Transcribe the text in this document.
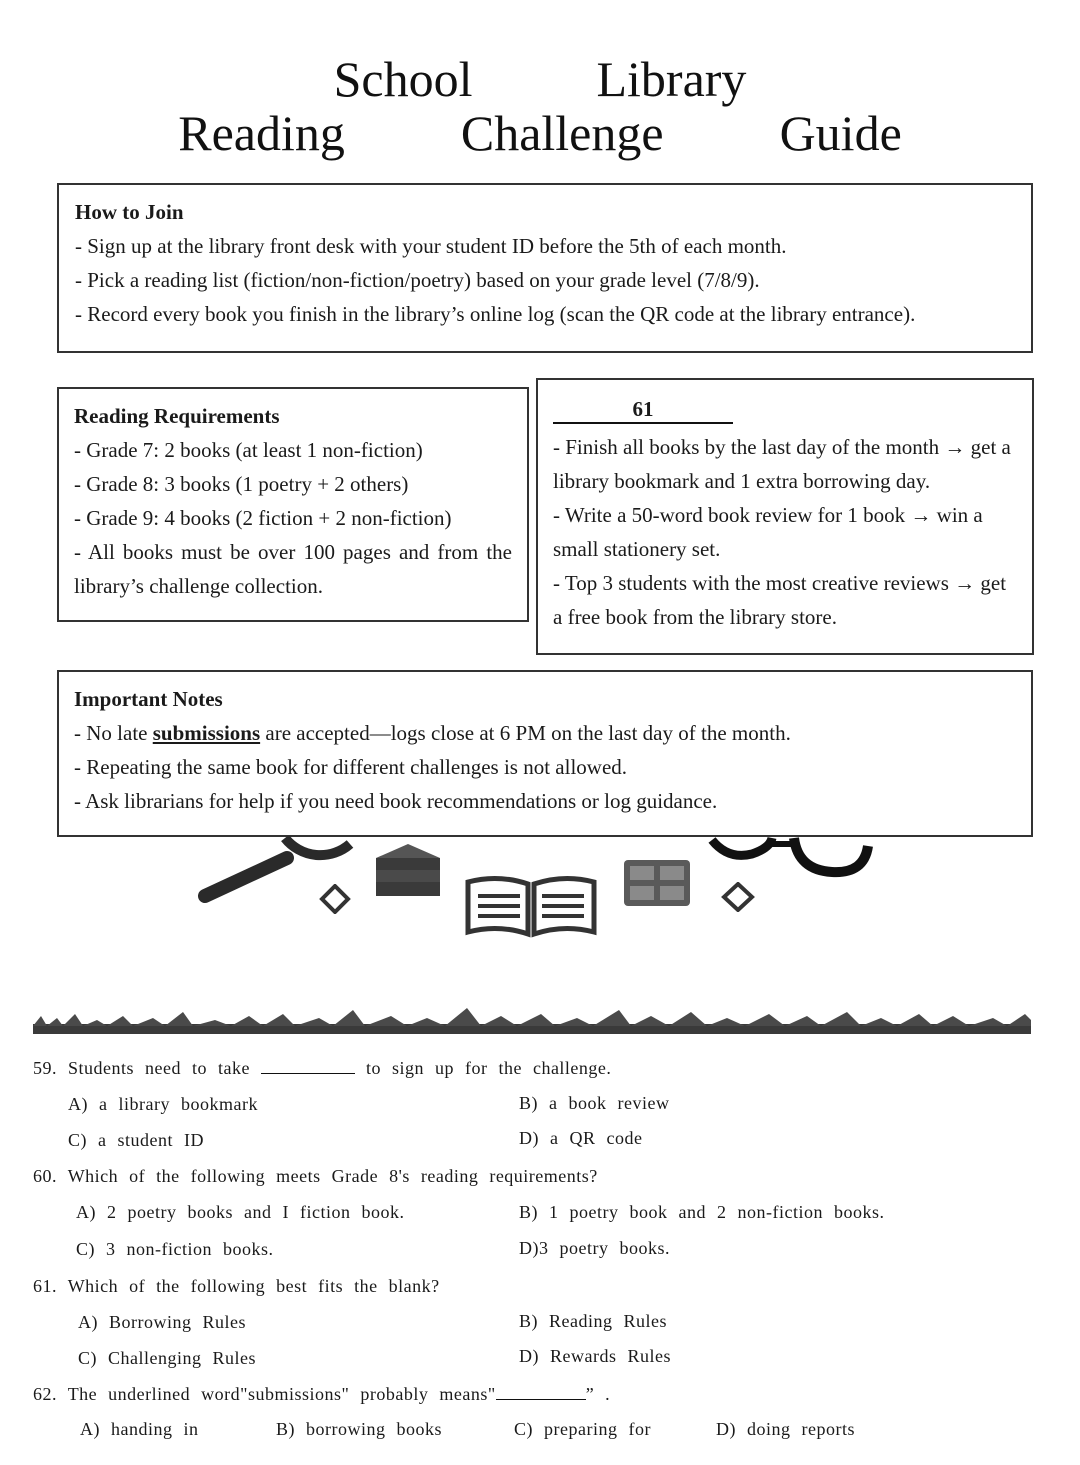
School Library
Reading Challenge Guide
How to Join
- Sign up at the library front desk with your student ID before the 5th of each month.
- Pick a reading list (fiction/non-fiction/poetry) based on your grade level (7/8/9).
- Record every book you finish in the library’s online log (scan the QR code at the library entrance).
Reading Requirements
- Grade 7: 2 books (at least 1 non-fiction)
- Grade 8: 3 books (1 poetry + 2 others)
- Grade 9: 4 books (2 fiction + 2 non-fiction)
- All books must be over 100 pages and from the library’s challenge collection.
61
- Finish all books by the last day of the month → get a library bookmark and 1 extra borrowing day.
- Write a 50-word book review for 1 book → win a small stationery set.
- Top 3 students with the most creative reviews → get a free book from the library store.
Important Notes
- No late submissions are accepted—logs close at 6 PM on the last day of the month.
- Repeating the same book for different challenges is not allowed.
- Ask librarians for help if you need book recommendations or log guidance.
59. Students need to take	to sign up for the challenge.
A) a library bookmark	B) a book review
C) a student ID	D) a QR code
60. Which of the following meets Grade 8's reading requirements?
A) 2 poetry books and I fiction book.	B) 1 poetry book and 2 non-fiction books.
C) 3 non-fiction books.	D)3 poetry books.
61. Which of the following best fits the blank?
A) Borrowing Rules	B) Reading Rules
C) Challenging Rules	D) Rewards Rules
62. The underlined word"submissions" probably means"	” .
A) handing in	B) borrowing books	C) preparing for	D) doing reports
